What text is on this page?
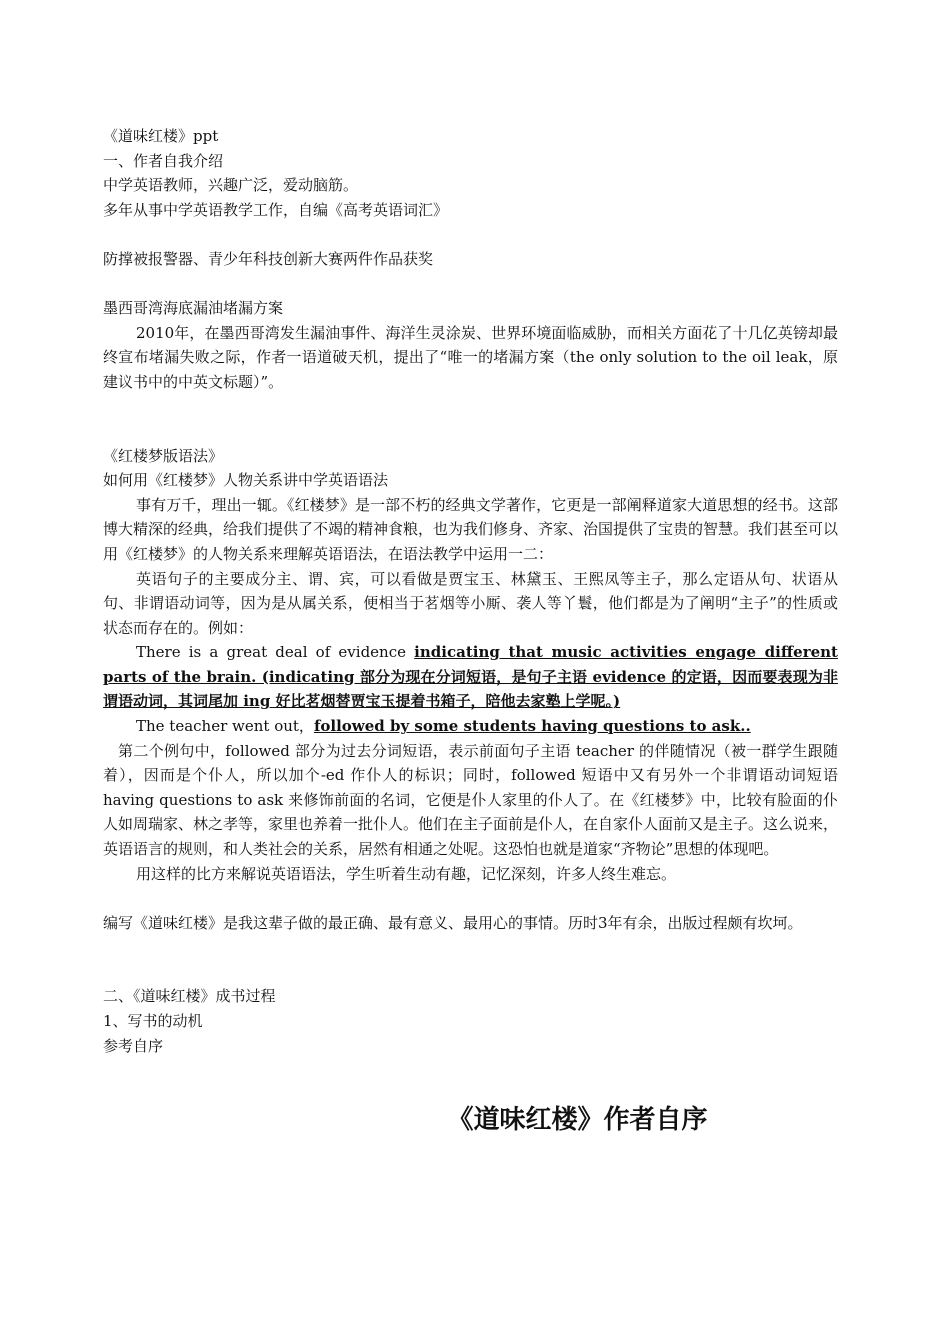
《道味红楼》ppt

一、作者自我介绍

中学英语教师，兴趣广泛，爱动脑筋。

多年从事中学英语教学工作，自编《高考英语词汇》

防撑被报警器、青少年科技创新大赛两件作品获奖

墨西哥湾海底漏油堵漏方案

2010年，在墨西哥湾发生漏油事件、海洋生灵涂炭、世界环境面临威胁，而相关方面花了十几亿英镑却最终宣布堵漏失败之际，作者一语道破天机，提出了“唯一的堵漏方案（the only solution to the oil leak，原建议书中的中英文标题）”。

《红楼梦版语法》

如何用《红楼梦》人物关系讲中学英语语法

事有万千，理出一辄。《红楼梦》是一部不朽的经典文学著作，它更是一部阐释道家大道思想的经书。这部博大精深的经典，给我们提供了不竭的精神食粮，也为我们修身、齐家、治国提供了宝贵的智慧。我们甚至可以用《红楼梦》的人物关系来理解英语语法，在语法教学中运用一二：

英语句子的主要成分主、谓、宾，可以看做是贾宝玉、林黛玉、王熙凤等主子，那么定语从句、状语从句、非谓语动词等，因为是从属关系，便相当于茗烟等小厮、袭人等丫鬟，他们都是为了阐明“主子”的性质或状态而存在的。例如：

There is a great deal of evidence indicating that music activities engage different parts of the brain. (indicating 部分为现在分词短语，是句子主语 evidence 的定语，因而要表现为非谓语动词，其词尾加 ing 好比茗烟替贾宝玉提着书箱子，陪他去家塾上学呢。)

The teacher went out，followed by some students having questions to ask..

第二个例句中，followed 部分为过去分词短语，表示前面句子主语 teacher 的伴随情况（被一群学生跟随着），因而是个仆人，所以加个-ed 作仆人的标识；同时，followed 短语中又有另外一个非谓语动词短语 having questions to ask 来修饰前面的名词，它便是仆人家里的仆人了。在《红楼梦》中，比较有脸面的仆人如周瑞家、林之孝等，家里也养着一批仆人。他们在主子面前是仆人，在自家仆人面前又是主子。这么说来，英语语言的规则，和人类社会的关系，居然有相通之处呢。这恐怕也就是道家“齐物论”思想的体现吧。

用这样的比方来解说英语语法，学生听着生动有趣，记忆深刻，许多人终生难忘。

编写《道味红楼》是我这辈子做的最正确、最有意义、最用心的事情。历时3年有余，出版过程颇有坎坷。

二、《道味红楼》成书过程

1、写书的动机

参考自序

《道味红楼》作者自序
